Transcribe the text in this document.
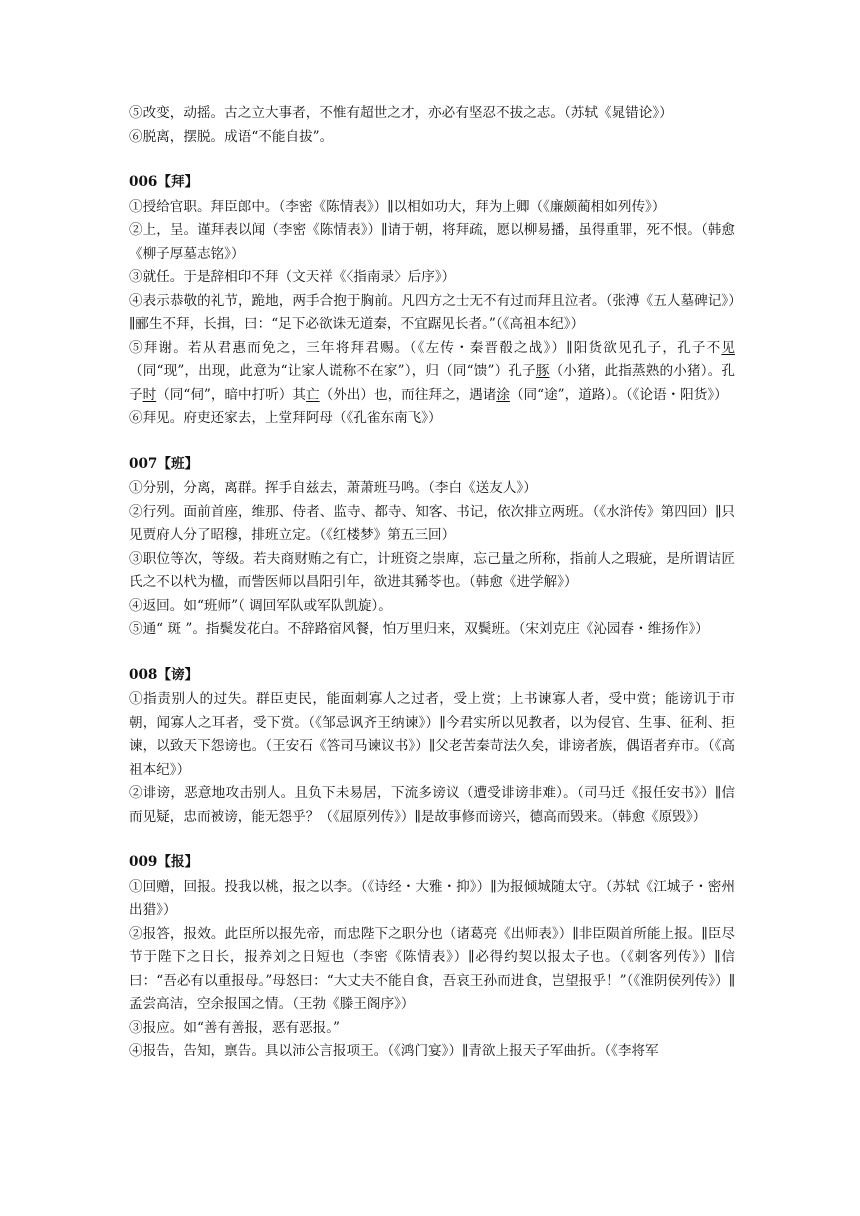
⑤改变，动摇。古之立大事者，不惟有超世之才，亦必有坚忍不拔之志。（苏轼《晁错论》）

⑥脱离，摆脱。成语“不能自拔”。

006【拜】

①授给官职。拜臣郎中。（李密《陈情表》）∥以相如功大，拜为上卿（《廉颇蔺相如列传》）

②上，呈。谨拜表以闻（李密《陈情表》）∥请于朝，将拜疏，愿以柳易播，虽得重罪，死不恨。（韩愈《柳子厚墓志铭》）

③就任。于是辞相印不拜（文天祥《〈指南录〉后序》）

④表示恭敬的礼节，跪地，两手合抱于胸前。凡四方之士无不有过而拜且泣者。（张溥《五人墓碑记》）∥郦生不拜，长揖，曰：“足下必欲诛无道秦，不宜踞见长者。”（《高祖本纪》）

⑤拜谢。若从君惠而免之，三年将拜君赐。（《左传・秦晋殽之战》）∥阳货欲见孔子，孔子不见（同“现”，出现，此意为“让家人谎称不在家”），归（同“馈”）孔子豚（小猪，此指蒸熟的小猪）。孔子时（同“伺”，暗中打听）其亡（外出）也，而往拜之，遇诸涂（同“途”，道路）。（《论语・阳货》）

⑥拜见。府吏还家去，上堂拜阿母（《孔雀东南飞》）

007【班】

①分别，分离，离群。挥手自兹去，萧萧班马鸣。（李白《送友人》）

②行列。面前首座，维那、侍者、监寺、都寺、知客、书记，依次排立两班。（《水浒传》第四回）∥只见贾府人分了昭穆，排班立定。（《红楼梦》第五三回）

③职位等次，等级。若夫商财贿之有亡，计班资之崇庳，忘己量之所称，指前人之瑕疵，是所谓诘匠氏之不以杙为楹，而訾医师以昌阳引年，欲进其豨苓也。（韩愈《进学解》）

④返回。如“班师”（ 调回军队或军队凯旋）。

⑤通“ 斑 ”。指鬓发花白。不辞路宿风餐，怕万里归来，双鬓班。（宋刘克庄《沁园春・维扬作》）

008【谤】

①指责别人的过失。群臣吏民，能面刺寡人之过者，受上赏；上书谏寡人者，受中赏；能谤讥于市朝，闻寡人之耳者，受下赏。（《邹忌讽齐王纳谏》）∥今君实所以见教者，以为侵官、生事、征利、拒谏，以致天下怨谤也。（王安石《答司马谏议书》）∥父老苦秦苛法久矣，诽谤者族，偶语者弃市。（《高祖本纪》）

②诽谤，恶意地攻击别人。且负下未易居，下流多谤议（遭受诽谤非难）。（司马迁《报任安书》）∥信而见疑，忠而被谤，能无怨乎？（《屈原列传》）∥是故事修而谤兴，德高而毁来。（韩愈《原毁》）

009【报】

①回赠，回报。投我以桃，报之以李。（《诗经・大雅・抑》）∥为报倾城随太守。（苏轼《江城子・密州出猎》）

②报答，报效。此臣所以报先帝，而忠陛下之职分也（诸葛亮《出师表》）∥非臣陨首所能上报。∥臣尽节于陛下之日长，报养刘之日短也（李密《陈情表》）∥必得约契以报太子也。（《刺客列传》）∥信曰：“吾必有以重报母。”母怒曰：“大丈夫不能自食，吾哀王孙而进食，岂望报乎！”（《淮阴侯列传》）∥孟尝高洁，空余报国之情。（王勃《滕王阁序》）

③报应。如“善有善报，恶有恶报。”

④报告，告知，禀告。具以沛公言报项王。（《鸿门宴》）∥青欲上报天子军曲折。（《李将军
